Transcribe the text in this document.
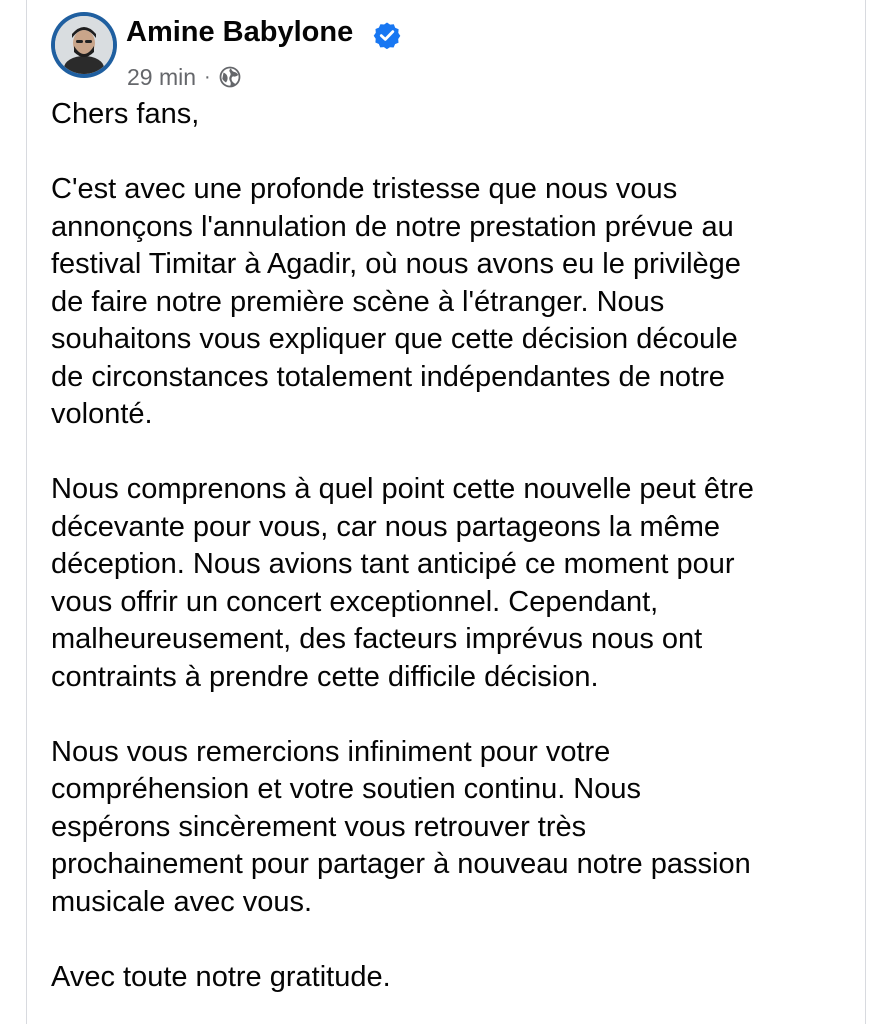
Amine Babylone
29 min ·

Chers fans,

C'est avec une profonde tristesse que nous vous
annonçons l'annulation de notre prestation prévue au
festival Timitar à Agadir, où nous avons eu le privilège
de faire notre première scène à l'étranger. Nous
souhaitons vous expliquer que cette décision découle
de circonstances totalement indépendantes de notre
volonté.

Nous comprenons à quel point cette nouvelle peut être
décevante pour vous, car nous partageons la même
déception. Nous avions tant anticipé ce moment pour
vous offrir un concert exceptionnel. Cependant,
malheureusement, des facteurs imprévus nous ont
contraints à prendre cette difficile décision.

Nous vous remercions infiniment pour votre
compréhension et votre soutien continu. Nous
espérons sincèrement vous retrouver très
prochainement pour partager à nouveau notre passion
musicale avec vous.

Avec toute notre gratitude.
